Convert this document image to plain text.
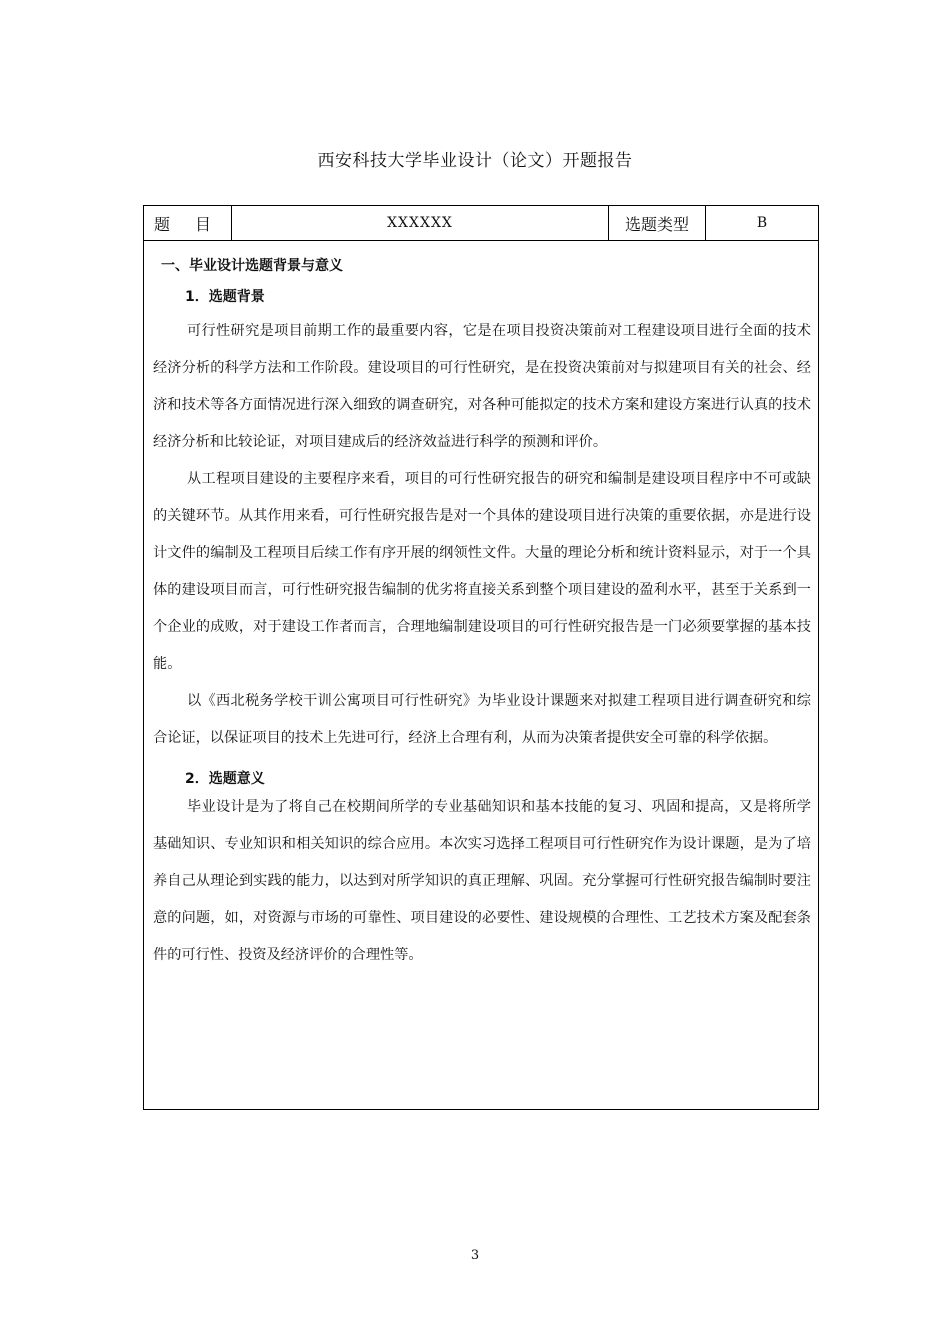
西安科技大学毕业设计（论文）开题报告
题 目	XXXXXX	选题类型	B
一、毕业设计选题背景与意义
1．选题背景

可行性研究是项目前期工作的最重要内容，它是在项目投资决策前对工程建设项目进行全面的技术经济分析的科学方法和工作阶段。建设项目的可行性研究，是在投资决策前对与拟建项目有关的社会、经济和技术等各方面情况进行深入细致的调查研究，对各种可能拟定的技术方案和建设方案进行认真的技术经济分析和比较论证，对项目建成后的经济效益进行科学的预测和评价。

从工程项目建设的主要程序来看，项目的可行性研究报告的研究和编制是建设项目程序中不可或缺的关键环节。从其作用来看，可行性研究报告是对一个具体的建设项目进行决策的重要依据，亦是进行设计文件的编制及工程项目后续工作有序开展的纲领性文件。大量的理论分析和统计资料显示，对于一个具体的建设项目而言，可行性研究报告编制的优劣将直接关系到整个项目建设的盈利水平，甚至于关系到一个企业的成败，对于建设工作者而言，合理地编制建设项目的可行性研究报告是一门必须要掌握的基本技能。

以《西北税务学校干训公寓项目可行性研究》为毕业设计课题来对拟建工程项目进行调查研究和综合论证，以保证项目的技术上先进可行，经济上合理有利，从而为决策者提供安全可靠的科学依据。

2．选题意义

毕业设计是为了将自己在校期间所学的专业基础知识和基本技能的复习、巩固和提高，又是将所学基础知识、专业知识和相关知识的综合应用。本次实习选择工程项目可行性研究作为设计课题，是为了培养自己从理论到实践的能力，以达到对所学知识的真正理解、巩固。充分掌握可行性研究报告编制时要注意的问题，如，对资源与市场的可靠性、项目建设的必要性、建设规模的合理性、工艺技术方案及配套条件的可行性、投资及经济评价的合理性等。

3
